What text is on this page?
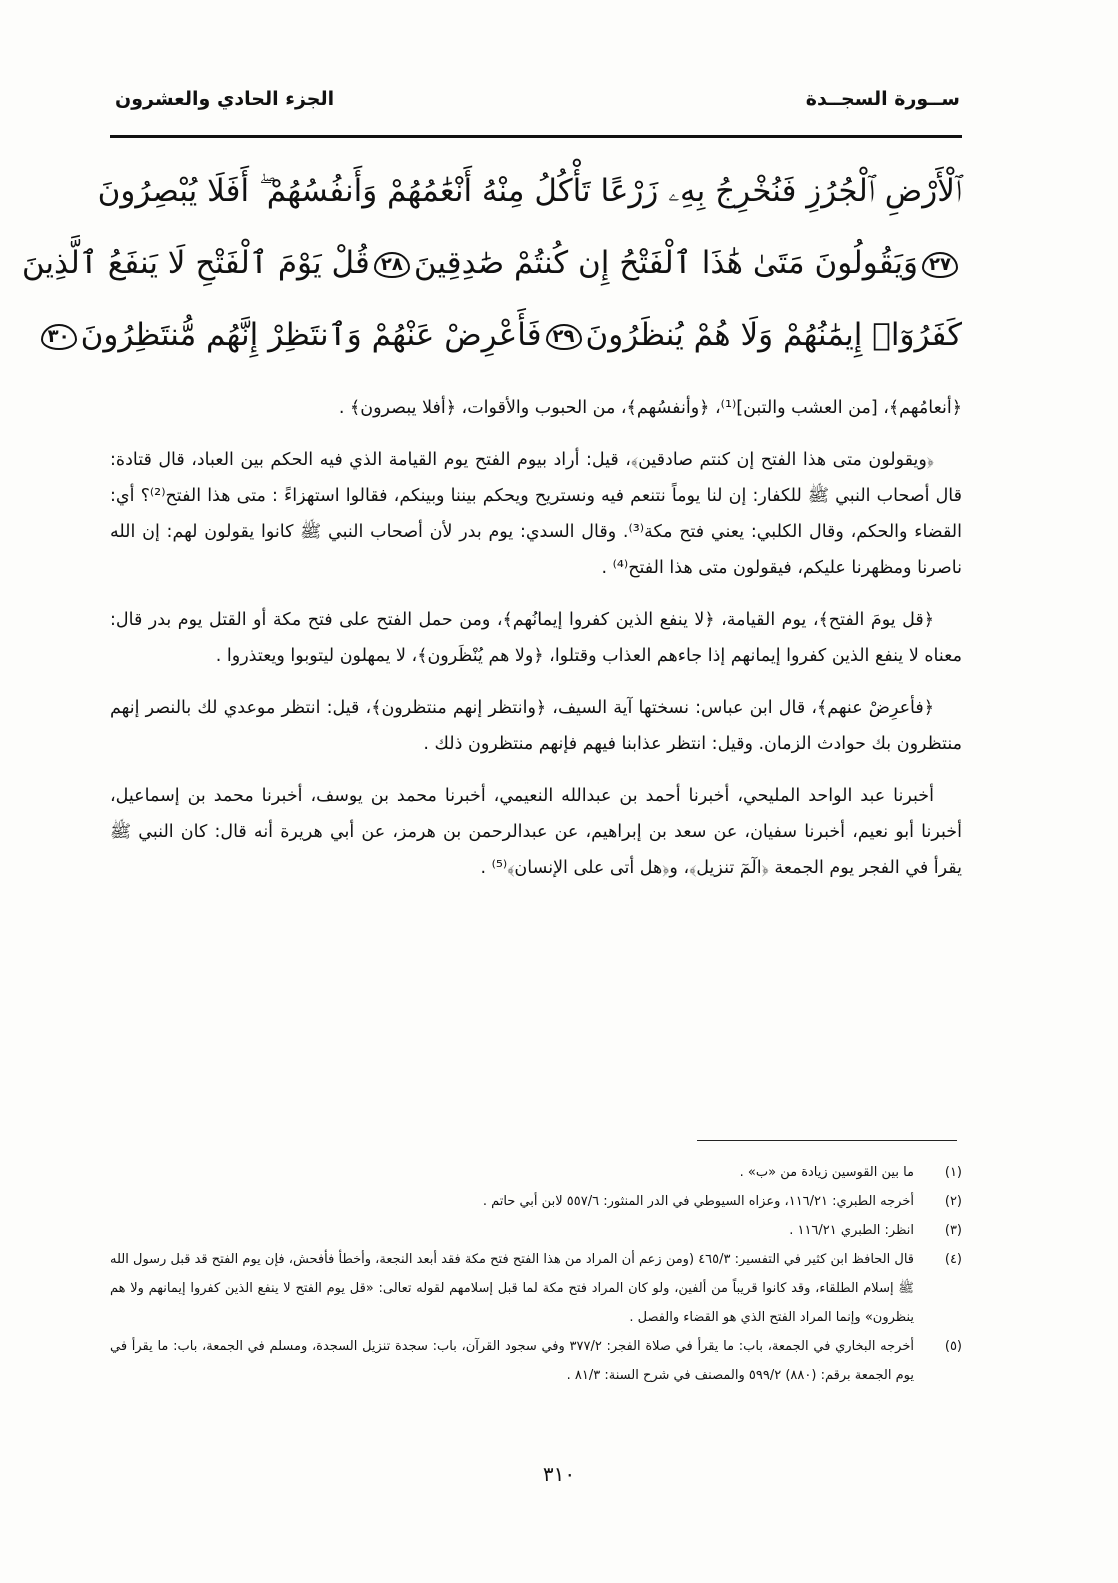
ســورة السجــدة
الجزء الحادي والعشرون
ٱلْأَرْضِ ٱلْجُرُزِ فَنُخْرِجُ بِهِۦ زَرْعًا تَأْكُلُ مِنْهُ أَنْعَٰمُهُمْ وَأَنفُسُهُمْ ۖ أَفَلَا يُبْصِرُونَ
٢٧وَيَقُولُونَ مَتَىٰ هَٰذَا ٱلْفَتْحُ إِن كُنتُمْ صَٰدِقِينَ٢٨قُلْ يَوْمَ ٱلْفَتْحِ لَا يَنفَعُ ٱلَّذِينَ
كَفَرُوٓا۟ إِيمَٰنُهُمْ وَلَا هُمْ يُنظَرُونَ٢٩فَأَعْرِضْ عَنْهُمْ وَٱنتَظِرْ إِنَّهُم مُّنتَظِرُونَ٣٠

﴿أنعامُهم﴾، [من العشب والتبن]⁽¹⁾، ﴿وأنفسُهم﴾، من الحبوب والأقوات، ﴿أفلا يبصرون﴾ .

﴿ويقولون متى هذا الفتح إن كنتم صادقين﴾، قيل: أراد بيوم الفتح يوم القيامة الذي فيه الحكم بين العباد، قال قتادة: قال أصحاب النبي ﷺ للكفار: إن لنا يوماً نتنعم فيه ونستريح ويحكم بيننا وبينكم، فقالوا استهزاءً : متى هذا الفتح⁽²⁾؟ أي: القضاء والحكم، وقال الكلبي: يعني فتح مكة⁽³⁾. وقال السدي: يوم بدر لأن أصحاب النبي ﷺ كانوا يقولون لهم: إن الله ناصرنا ومظهرنا عليكم، فيقولون متى هذا الفتح⁽⁴⁾ .

﴿قل يومَ الفتح﴾، يوم القيامة، ﴿لا ينفع الذين كفروا إيمانُهم﴾، ومن حمل الفتح على فتح مكة أو القتل يوم بدر قال: معناه لا ينفع الذين كفروا إيمانهم إذا جاءهم العذاب وقتلوا، ﴿ولا هم يُنْظَرون﴾، لا يمهلون ليتوبوا ويعتذروا .

﴿فأعرِضْ عنهم﴾، قال ابن عباس: نسختها آية السيف، ﴿وانتظر إنهم منتظرون﴾، قيل: انتظر موعدي لك بالنصر إنهم منتظرون بك حوادث الزمان. وقيل: انتظر عذابنا فيهم فإنهم منتظرون ذلك .

أخبرنا عبد الواحد المليحي، أخبرنا أحمد بن عبدالله النعيمي، أخبرنا محمد بن يوسف، أخبرنا محمد بن إسماعيل، أخبرنا أبو نعيم، أخبرنا سفيان، عن سعد بن إبراهيم، عن عبدالرحمن بن هرمز، عن أبي هريرة أنه قال: كان النبي ﷺ يقرأ في الفجر يوم الجمعة ﴿الٓمٓ تنزيل﴾، و﴿هل أتى على الإنسان﴾⁽⁵⁾ .

(١)
ما بين القوسين زيادة من «ب» .
(٢)
أخرجه الطبري: ١١٦/٢١، وعزاه السيوطي في الدر المنثور: ٥٥٧/٦ لابن أبي حاتم .
(٣)
انظر: الطبري ١١٦/٢١ .
(٤)
قال الحافظ ابن كثير في التفسير: ٤٦٥/٣ (ومن زعم أن المراد من هذا الفتح فتح مكة فقد أبعد النجعة، وأخطأ فأفحش، فإن يوم الفتح قد قبل رسول الله ﷺ إسلام الطلقاء، وقد كانوا قريباً من ألفين، ولو كان المراد فتح مكة لما قبل إسلامهم لقوله تعالى: «قل يوم الفتح لا ينفع الذين كفروا إيمانهم ولا هم ينظرون» وإنما المراد الفتح الذي هو القضاء والفصل .
(٥)
أخرجه البخاري في الجمعة، باب: ما يقرأ في صلاة الفجر: ٣٧٧/٢ وفي سجود القرآن، باب: سجدة تنزيل السجدة، ومسلم في الجمعة، باب: ما يقرأ في يوم الجمعة برقم: (٨٨٠) ٥٩٩/٢ والمصنف في شرح السنة: ٨١/٣ .
٣١٠
